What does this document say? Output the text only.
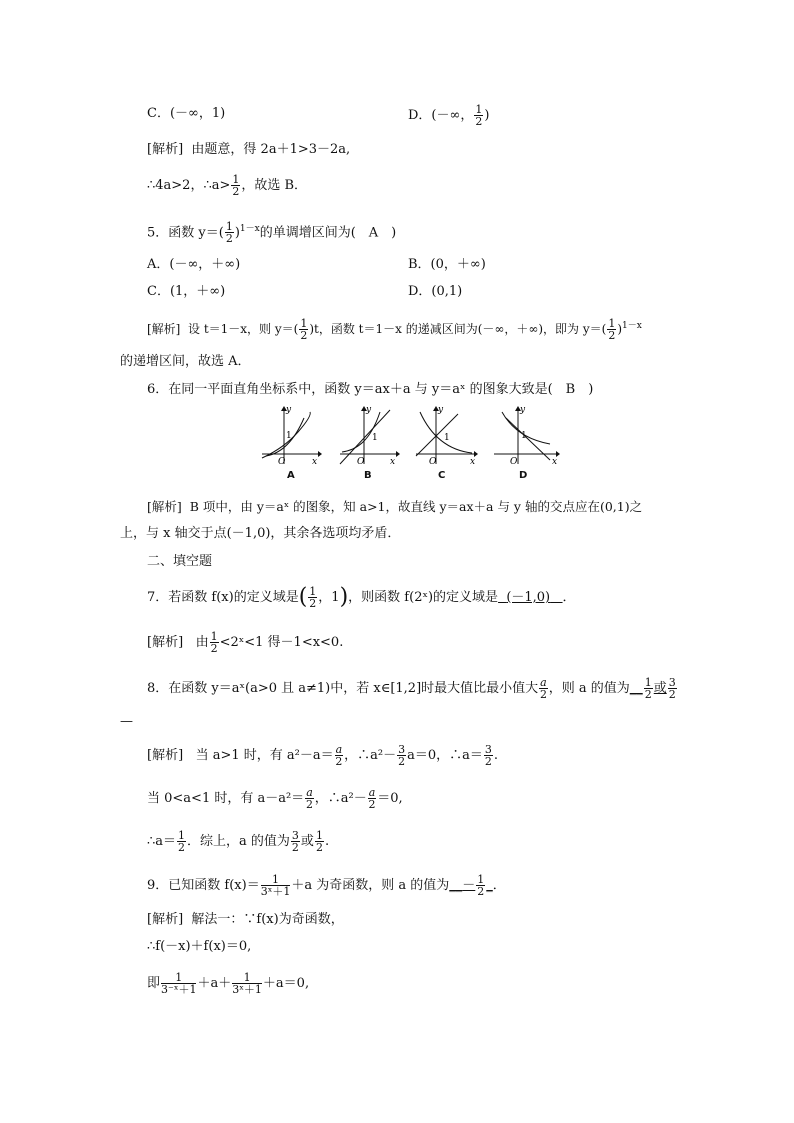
C．(－∞，1)	D．(－∞， $\frac{1}{2}$ )
[解析] 由题意，得 2a＋1>3－2a,
∴4a>2，∴a> $\frac{1}{2}$ ，故选 B．
5．函数 $y=( \frac{1}{2} )^{1-x}$的单调增区间为(　A　)
A．(－∞，＋∞)	B．(0，＋∞)
C．(1，＋∞)	D．(0,1)
[解析] 设 t＝1－x，则 $y=( \frac{1}{2} )t$，函数 t＝1－x 的递减区间为(－∞，＋∞)，即为 $y=( \frac{1}{2} )^{1-x}$
的递增区间，故选 A．
6．在同一平面直角坐标系中，函数 y＝ax＋a 与 y＝aˣ 的图象大致是(　B　)
y
1
O	x
A
y
1
O	x
B
y
1
O	x
C
y
1
O	x
D
[解析] B 项中，由 y＝aˣ 的图象，知 a>1，故直线 y＝ax＋a 与 y 轴的交点应在(0,1)之
上，与 x 轴交于点(－1,0)，其余各选项均矛盾．
二、填空题
7．若函数 f(x)的定义域是( $\frac{1}{2}$ ，1)，则函数 f(2ˣ)的定义域是 (－1,0) ．
[解析] 由 $\frac{1}{2}$ <2ˣ<1 得－1<x<0.
8．在函数 y＝aˣ(a>0 且 a≠1)中，若 x∈[1,2]时最大值比最小值大 $\frac{a}{2}$ ，则 a 的值为__ $\frac{1}{2}$ 或 $\frac{3}{2}$
—
[解析] 当 a>1 时，有 $a^2-a= \frac{a}{2}$ ，∴a²－ $\frac{3}{2} a=0$，∴a＝ $\frac{3}{2}$ .
当 0<a<1 时，有 $a-a^2= \frac{a}{2}$ ，∴a²－ $\frac{a}{2} =0$,
∴a＝ $\frac{1}{2}$ ．综上，a 的值为 $\frac{3}{2}$ 或 $\frac{1}{2}$ .
9．已知函数 $f(x)= \frac{1}{\text{3ˣ＋1}} +a$ 为奇函数，则 a 的值为__－ $\frac{1}{2}$ _．
[解析] 解法一：∵f(x)为奇函数，
∴f(－x)＋f(x)＝0,
即 $\frac{1}{\text{3⁻ˣ＋1}} +a+ \frac{1}{\text{3ˣ＋1}} +a=0$,
